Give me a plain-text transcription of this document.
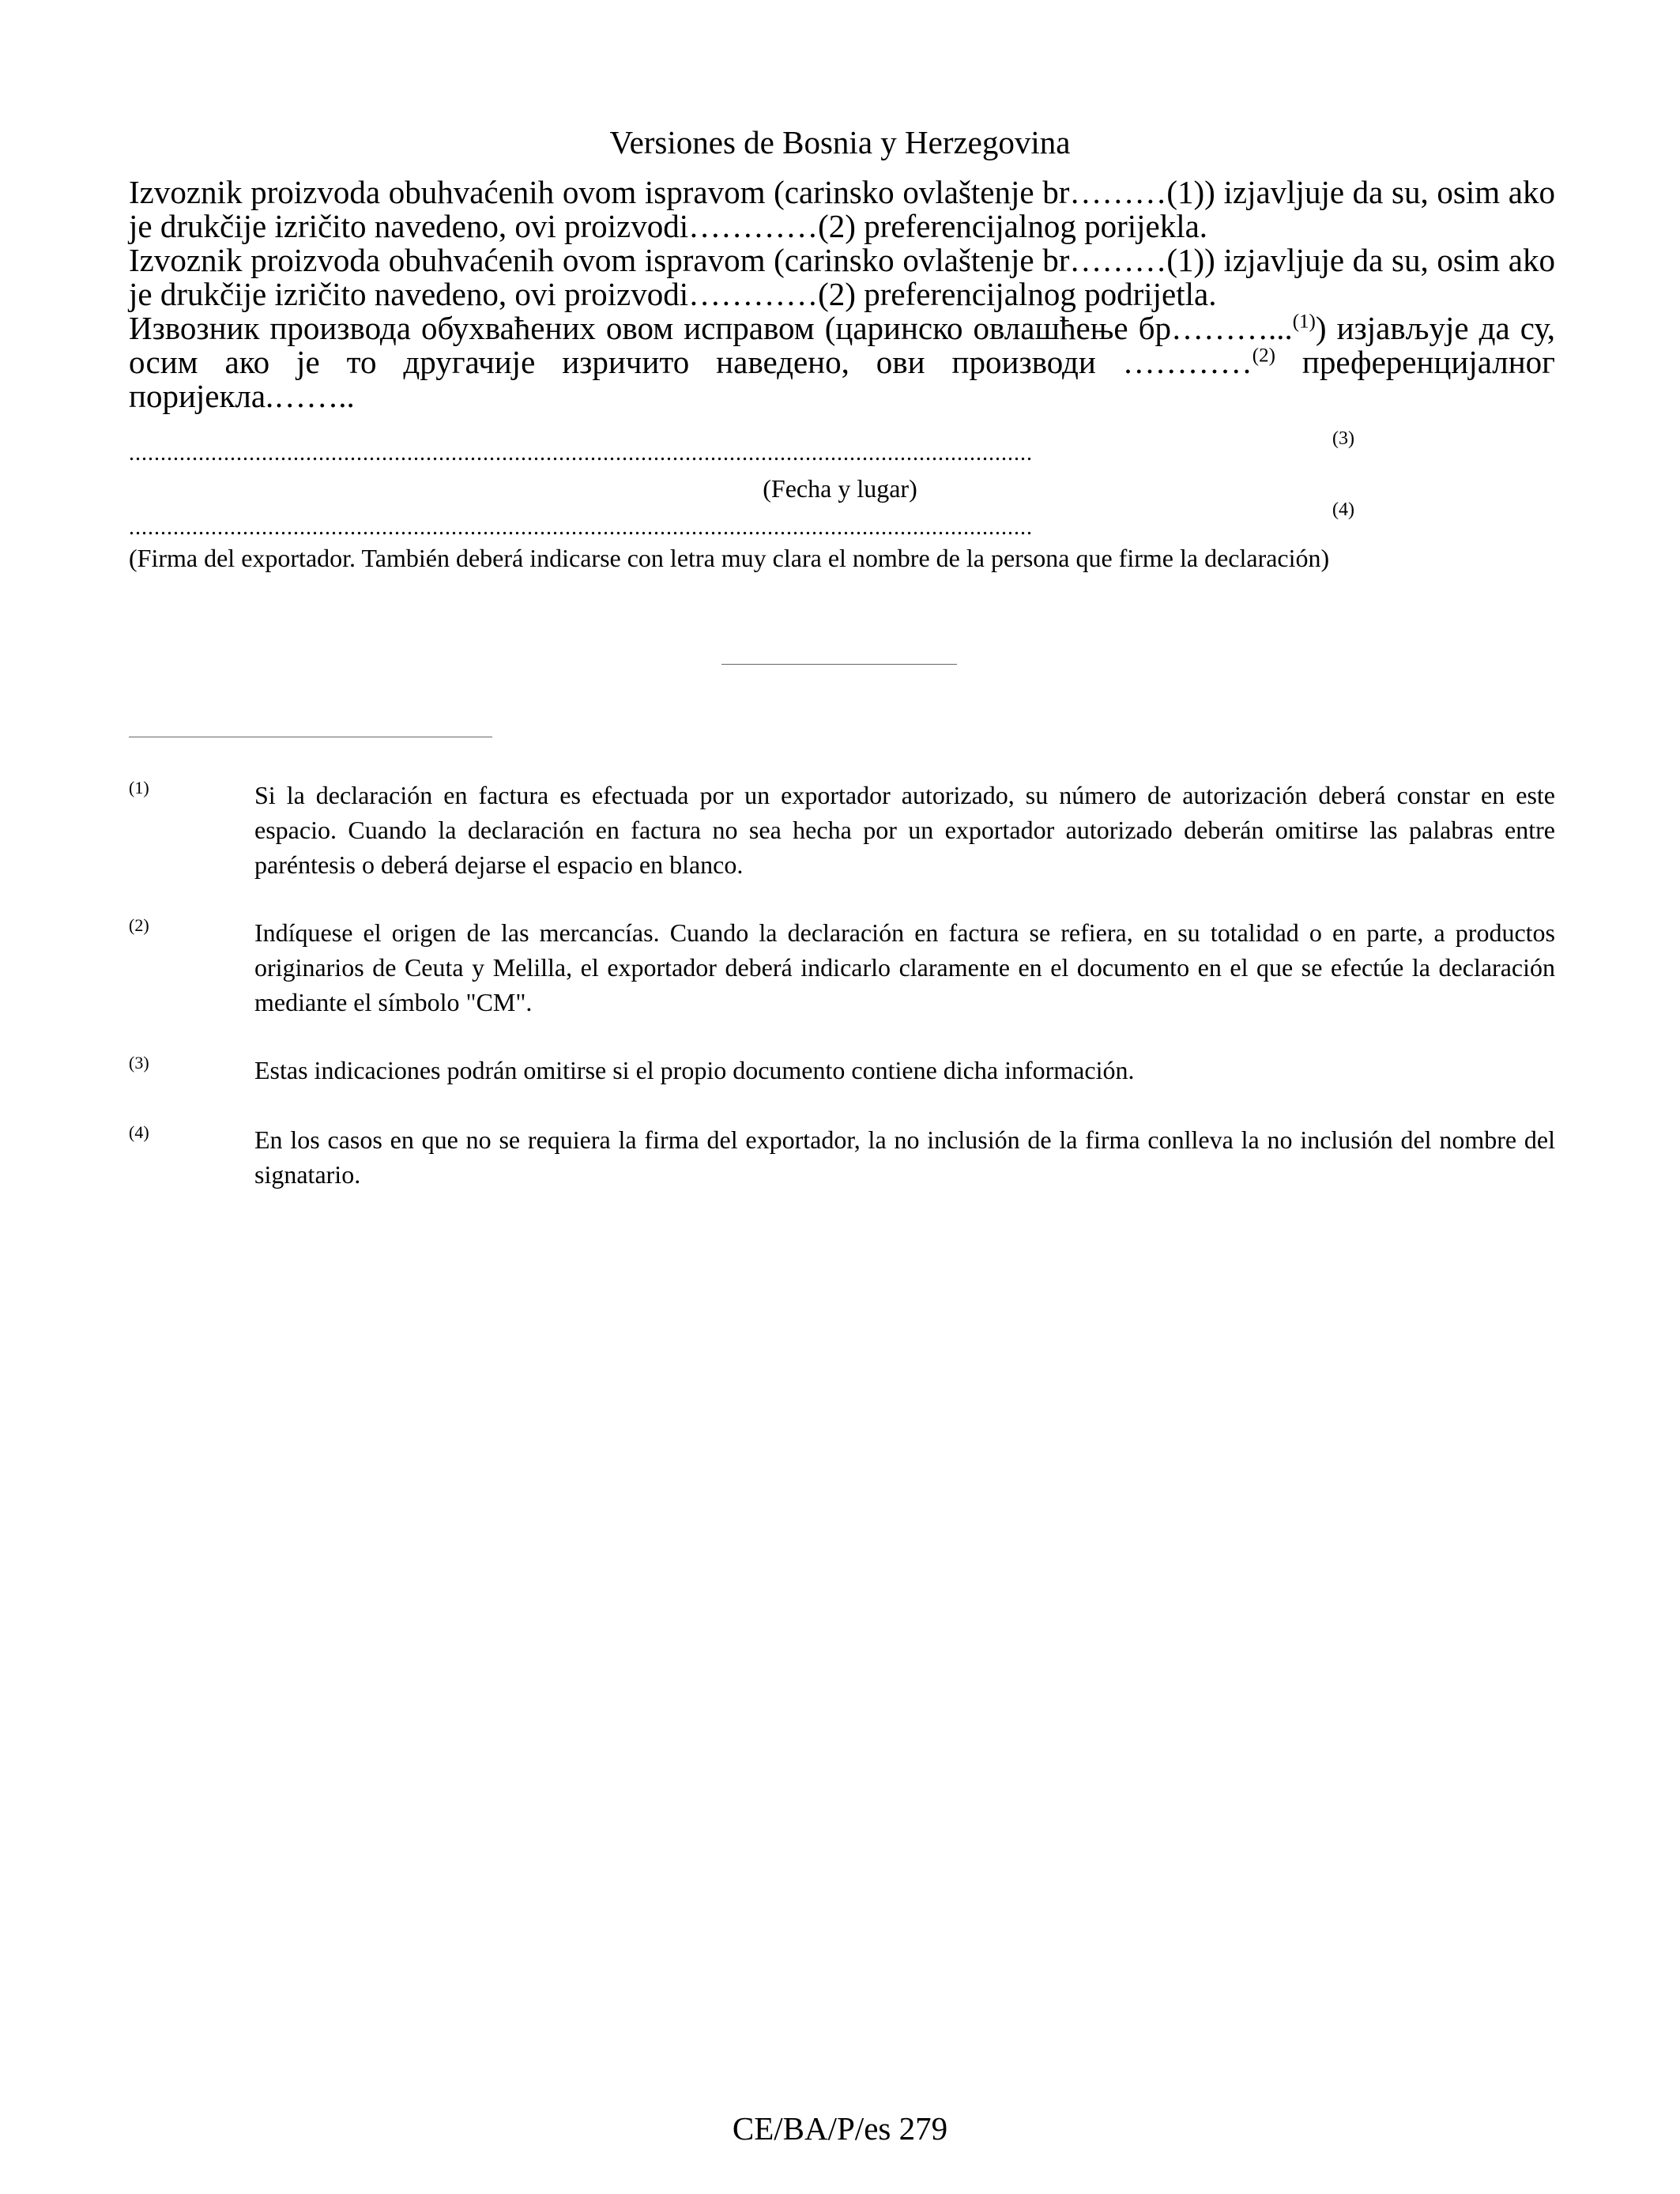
Versiones de Bosnia y Herzegovina

Izvoznik proizvoda obuhvaćenih ovom ispravom (carinsko ovlaštenje br………(1)) izjavljuje da su, osim ako je drukčije izričito navedeno, ovi proizvodi…………(2) preferencijalnog porijekla.

Izvoznik proizvoda obuhvaćenih ovom ispravom (carinsko ovlaštenje br………(1)) izjavljuje da su, osim ako je drukčije izričito navedeno, ovi proizvodi…………(2) preferencijalnog podrijetla.

Извозник производа обухваћених овом исправом (царинско овлашћење бр………...$^{(1)}$) изјављује да су, осим ако је то другачије изричито наведено, ови производи …………$^{(2)}$ преференцијалног поријекла.……..

...............................................................................................................................................
(3)
(Fecha y lugar)
...............................................................................................................................................
(4)
(Firma del exportador. También deberá indicarse con letra muy clara el nombre de la persona que firme la declaración)
(1)	Si la declaración en factura es efectuada por un exportador autorizado, su número de autorización deberá constar en este espacio. Cuando la declaración en factura no sea hecha por un exportador autorizado deberán omitirse las palabras entre paréntesis o deberá dejarse el espacio en blanco.
(2)	Indíquese el origen de las mercancías. Cuando la declaración en factura se refiera, en su totalidad o en parte, a productos originarios de Ceuta y Melilla, el exportador deberá indicarlo claramente en el documento en el que se efectúe la declaración mediante el símbolo "CM".
(3)	Estas indicaciones podrán omitirse si el propio documento contiene dicha información.
(4)	En los casos en que no se requiera la firma del exportador, la no inclusión de la firma conlleva la no inclusión del nombre del signatario.
CE/BA/P/es 279
